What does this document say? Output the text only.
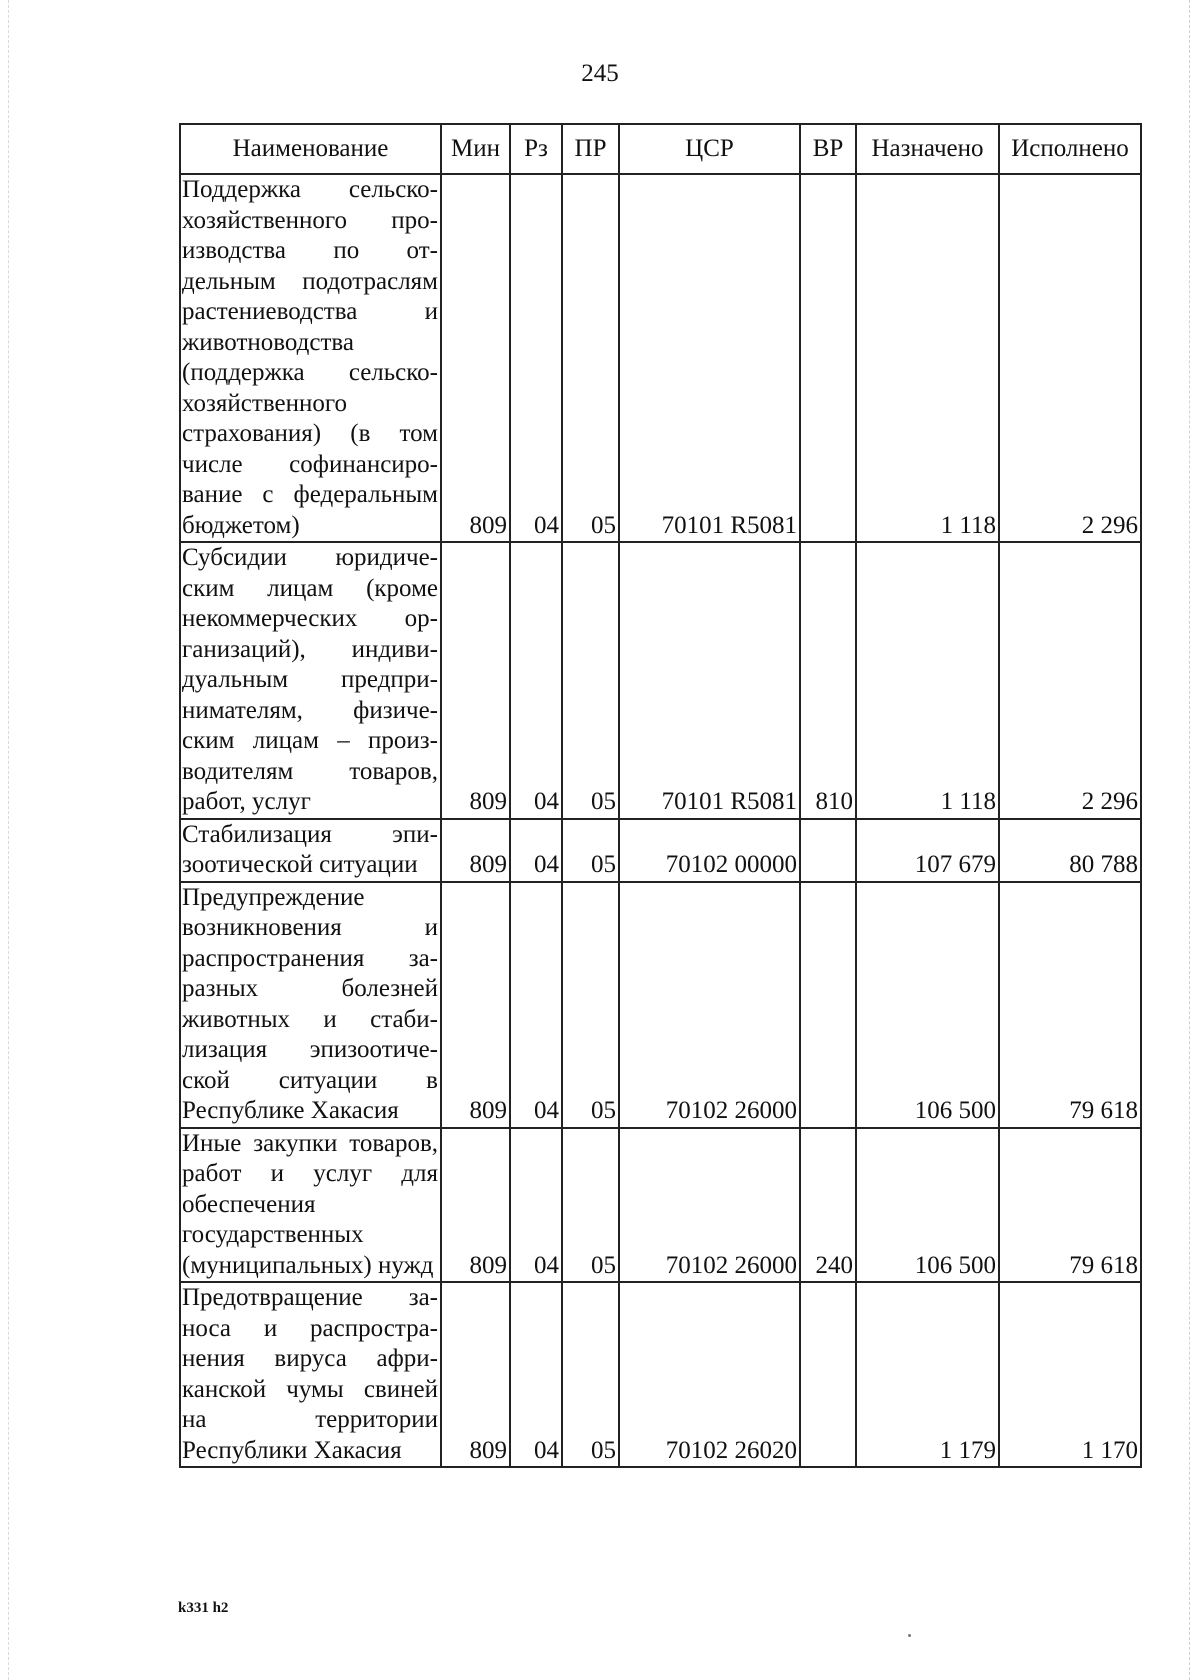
245
Наименование	Мин	Рз	ПР	ЦСР	ВР	Назначено	Исполнено
Поддержка сельскохозяйственного производства по отдельным подотраслям растениеводства и животноводства (поддержка сельскохозяйственного страхования) (в том числе софинансирование с федеральным бюджетом)	809	04	05	70101 R5081		1 118	2 296
Субсидии юридическим лицам (кроме некоммерческих организаций), индивидуальным предпринимателям, физическим лицам – производителям товаров, работ, услуг	809	04	05	70101 R5081	810	1 118	2 296
Стабилизация эпизоотической ситуации	809	04	05	70102 00000		107 679	80 788
Предупреждение возникновения и распространения заразных болезней животных и стабилизация эпизоотической ситуации в Республике Хакасия	809	04	05	70102 26000		106 500	79 618
Иные закупки товаров, работ и услуг для обеспечения государственных (муниципальных) нужд	809	04	05	70102 26000	240	106 500	79 618
Предотвращение заноса и распространения вируса африканской чумы свиней на территории Республики Хакасия	809	04	05	70102 26020		1 179	1 170
k331 h2
